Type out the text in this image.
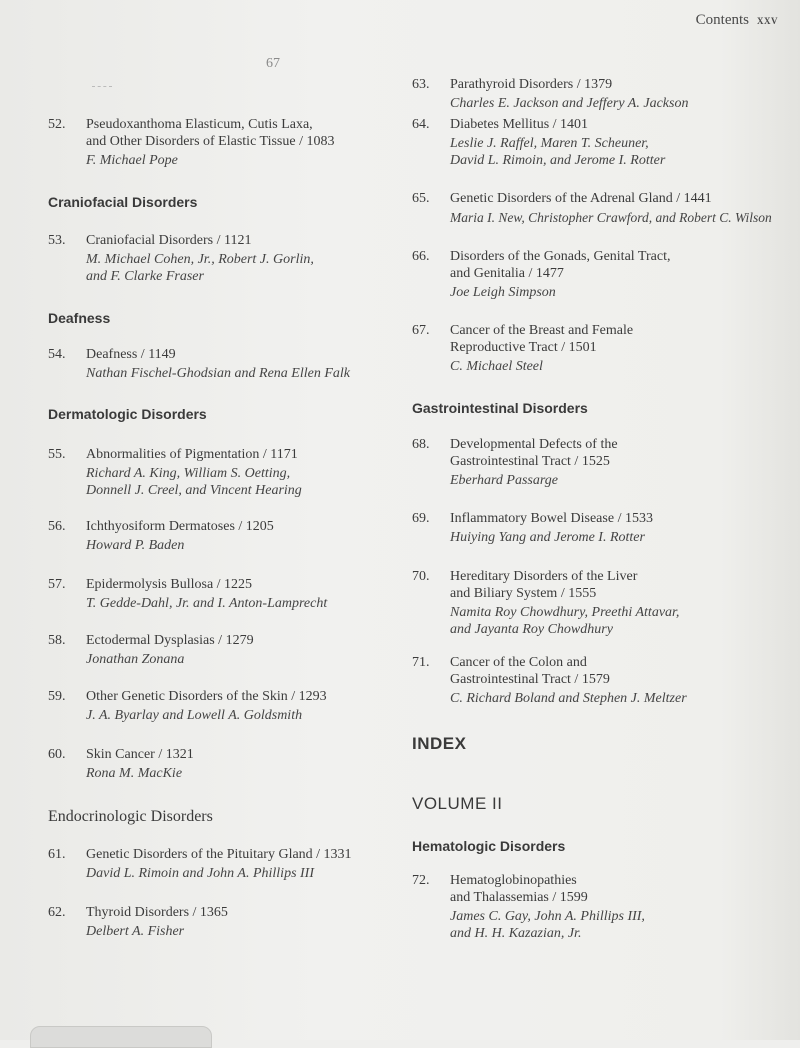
Contents xxv
67
52.	Pseudoxanthoma Elasticum, Cutis Laxa,
and Other Disorders of Elastic Tissue / 1083
F. Michael Pope
Craniofacial Disorders
53.	Craniofacial Disorders / 1121
M. Michael Cohen, Jr., Robert J. Gorlin,
and F. Clarke Fraser
Deafness
54.	Deafness / 1149
Nathan Fischel-Ghodsian and Rena Ellen Falk
Dermatologic Disorders
55.	Abnormalities of Pigmentation / 1171
Richard A. King, William S. Oetting,
Donnell J. Creel, and Vincent Hearing
56.	Ichthyosiform Dermatoses / 1205
Howard P. Baden
57.	Epidermolysis Bullosa / 1225
T. Gedde-Dahl, Jr. and I. Anton-Lamprecht
58.	Ectodermal Dysplasias / 1279
Jonathan Zonana
59.	Other Genetic Disorders of the Skin / 1293
J. A. Byarlay and Lowell A. Goldsmith
60.	Skin Cancer / 1321
Rona M. MacKie
Endocrinologic Disorders
61.	Genetic Disorders of the Pituitary Gland / 1331
David L. Rimoin and John A. Phillips III
62.	Thyroid Disorders / 1365
Delbert A. Fisher
63.	Parathyroid Disorders / 1379
Charles E. Jackson and Jeffery A. Jackson
64.	Diabetes Mellitus / 1401
Leslie J. Raffel, Maren T. Scheuner,
David L. Rimoin, and Jerome I. Rotter
65.	Genetic Disorders of the Adrenal Gland / 1441
Maria I. New, Christopher Crawford, and Robert C. Wilson
66.	Disorders of the Gonads, Genital Tract,
and Genitalia / 1477
Joe Leigh Simpson
67.	Cancer of the Breast and Female
Reproductive Tract / 1501
C. Michael Steel
Gastrointestinal Disorders
68.	Developmental Defects of the
Gastrointestinal Tract / 1525
Eberhard Passarge
69.	Inflammatory Bowel Disease / 1533
Huiying Yang and Jerome I. Rotter
70.	Hereditary Disorders of the Liver
and Biliary System / 1555
Namita Roy Chowdhury, Preethi Attavar,
and Jayanta Roy Chowdhury
71.	Cancer of the Colon and
Gastrointestinal Tract / 1579
C. Richard Boland and Stephen J. Meltzer
INDEX
VOLUME II
Hematologic Disorders
72.	Hematoglobinopathies
and Thalassemias / 1599
James C. Gay, John A. Phillips III,
and H. H. Kazazian, Jr.
